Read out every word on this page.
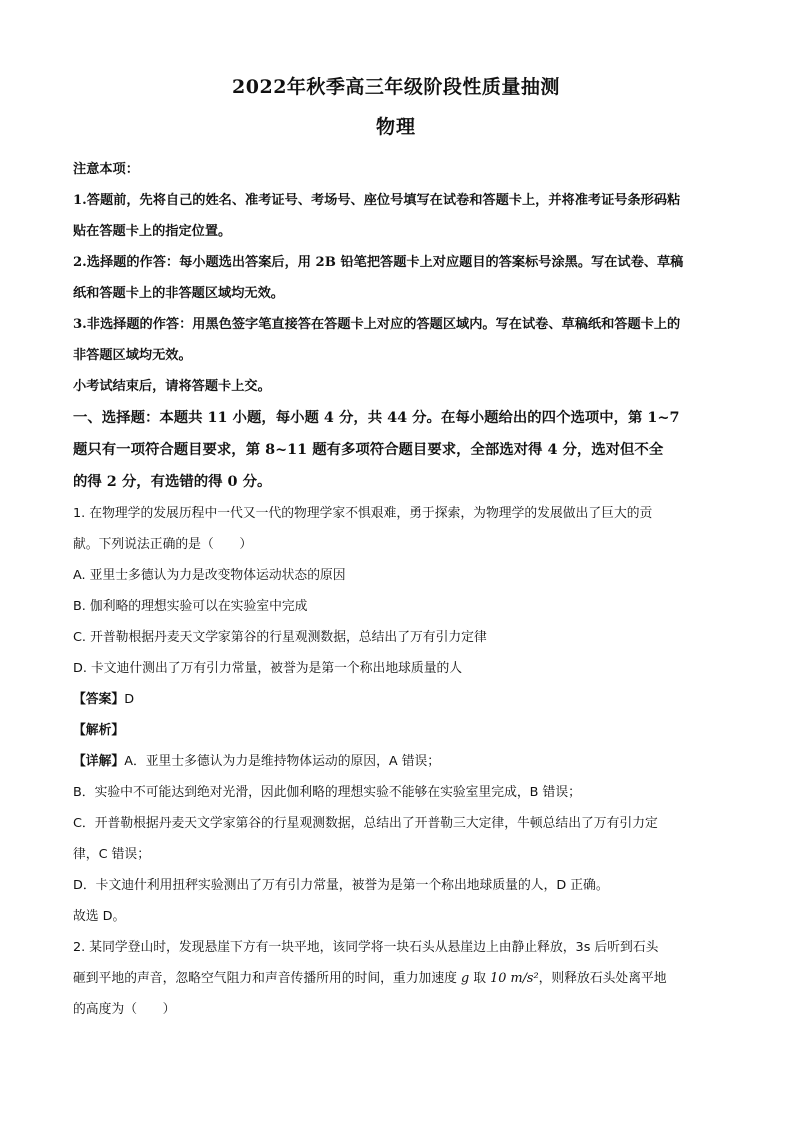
2022年秋季高三年级阶段性质量抽测
物理
注意本项：
1.答题前，先将自己的姓名、准考证号、考场号、座位号填写在试卷和答题卡上，并将准考证号条形码粘
贴在答题卡上的指定位置。
2.选择题的作答：每小题选出答案后，用 2B 铅笔把答题卡上对应题目的答案标号涂黑。写在试卷、草稿
纸和答题卡上的非答题区域均无效。
3.非选择题的作答：用黑色签字笔直接答在答题卡上对应的答题区域内。写在试卷、草稿纸和答题卡上的
非答题区域均无效。
小考试结束后，请将答题卡上交。
一、选择题：本题共 11 小题，每小题 4 分，共 44 分。在每小题给出的四个选项中，第 1~7
题只有一项符合题目要求，第 8~11 题有多项符合题目要求，全部选对得 4 分，选对但不全
的得 2 分，有选错的得 0 分。
1. 在物理学的发展历程中一代又一代的物理学家不惧艰难，勇于探索，为物理学的发展做出了巨大的贡
献。下列说法正确的是（　　）
A. 亚里士多德认为力是改变物体运动状态的原因
B. 伽利略的理想实验可以在实验室中完成
C. 开普勒根据丹麦天文学家第谷的行星观测数据，总结出了万有引力定律
D. 卡文迪什测出了万有引力常量，被誉为是第一个称出地球质量的人
【答案】D
【解析】
【详解】A．亚里士多德认为力是维持物体运动的原因，A 错误；
B．实验中不可能达到绝对光滑，因此伽利略的理想实验不能够在实验室里完成，B 错误；
C．开普勒根据丹麦天文学家第谷的行星观测数据，总结出了开普勒三大定律，牛顿总结出了万有引力定
律，C 错误；
D．卡文迪什利用扭秤实验测出了万有引力常量，被誉为是第一个称出地球质量的人，D 正确。
故选 D。
2. 某同学登山时，发现悬崖下方有一块平地，该同学将一块石头从悬崖边上由静止释放，3s 后听到石头
砸到平地的声音，忽略空气阻力和声音传播所用的时间，重力加速度 g 取 10 m/s²，则释放石头处离平地
的高度为（　　）
